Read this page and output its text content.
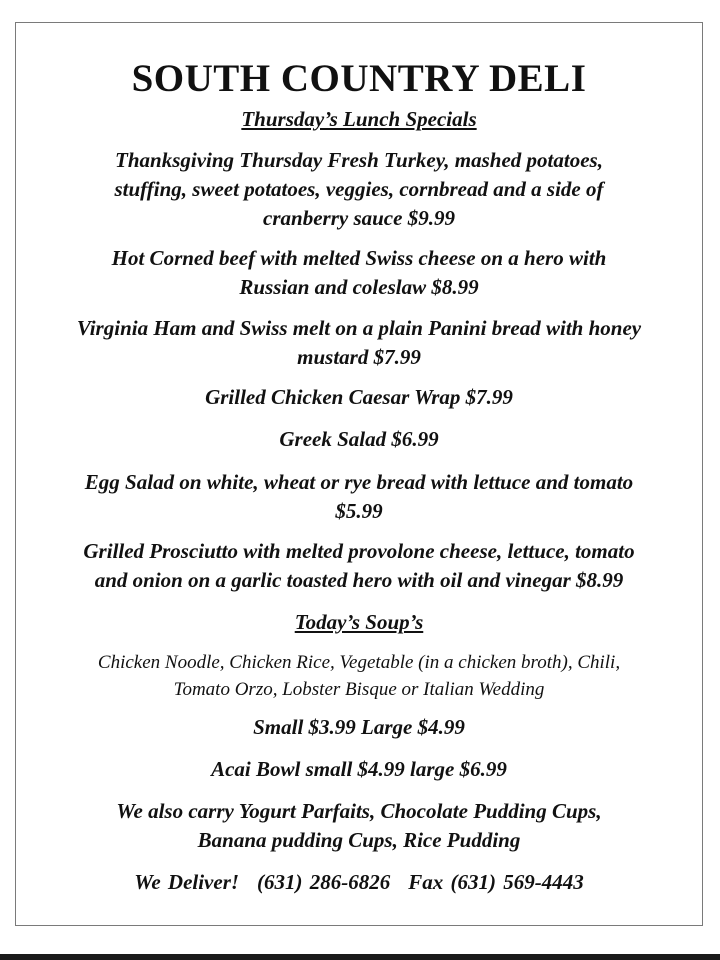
SOUTH COUNTRY DELI
Thursday’s Lunch Specials
Thanksgiving Thursday Fresh Turkey, mashed potatoes,
stuffing, sweet potatoes, veggies, cornbread and a side of
cranberry sauce $9.99
Hot Corned beef with melted Swiss cheese on a hero with
Russian and coleslaw $8.99
Virginia Ham and Swiss melt on a plain Panini bread with honey
mustard $7.99
Grilled Chicken Caesar Wrap $7.99
Greek Salad $6.99
Egg Salad on white, wheat or rye bread with lettuce and tomato
$5.99
Grilled Prosciutto with melted provolone cheese, lettuce, tomato
and onion on a garlic toasted hero with oil and vinegar $8.99
Today’s Soup’s
Chicken Noodle, Chicken Rice, Vegetable (in a chicken broth), Chili,
Tomato Orzo, Lobster Bisque or Italian Wedding
Small $3.99 Large $4.99
Acai Bowl small $4.99 large $6.99
We also carry Yogurt Parfaits, Chocolate Pudding Cups,
Banana pudding Cups, Rice Pudding
We Deliver! (631) 286-6826 Fax (631) 569-4443
